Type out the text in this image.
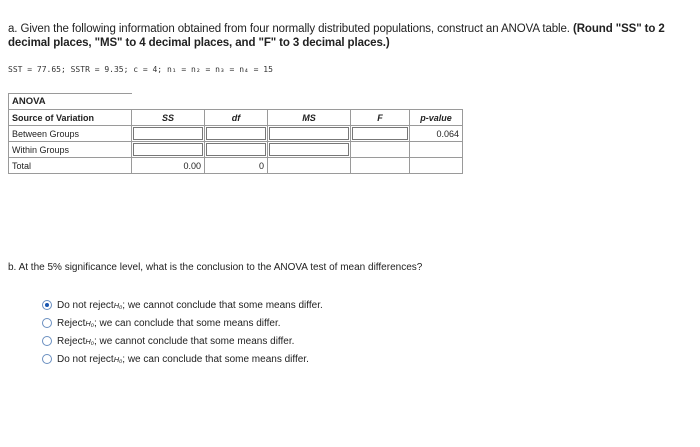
a. Given the following information obtained from four normally distributed populations, construct an ANOVA table. (Round "SS" to 2 decimal places, "MS" to 4 decimal places, and "F" to 3 decimal places.)
SST = 77.65; SSTR = 9.35; c = 4; n₁ = n₂ = n₃ = n₄ = 15
ANOVA					
Source of Variation	SS	df	MS	F	p-value
Between Groups					0.064
Within Groups	

Total	0.00	0			
b. At the 5% significance level, what is the conclusion to the ANOVA test of mean differences?
Do not reject H₀ ; we cannot conclude that some means differ.
Reject H₀ ; we can conclude that some means differ.
Reject H₀ ; we cannot conclude that some means differ.
Do not reject H₀ ; we can conclude that some means differ.
